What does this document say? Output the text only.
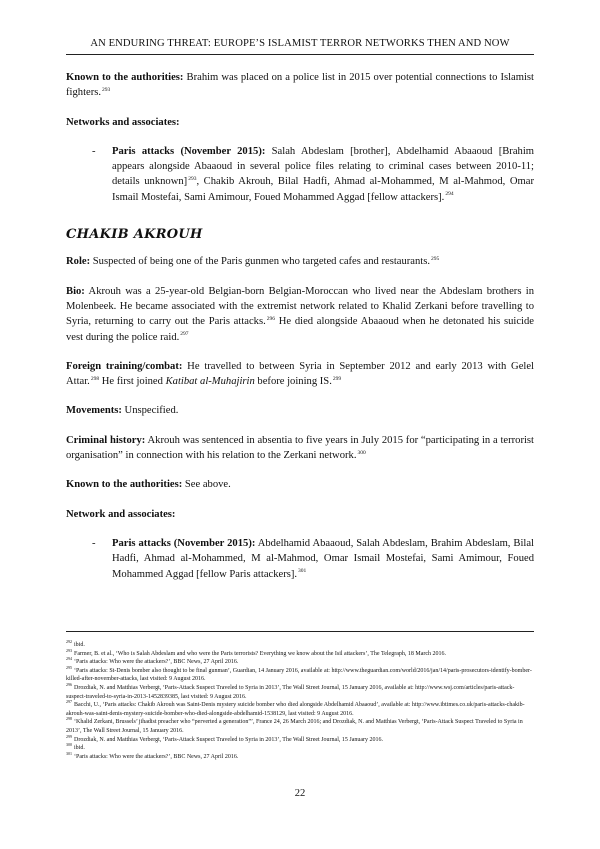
AN ENDURING THREAT: EUROPE’S ISLAMIST TERROR NETWORKS THEN AND NOW

Known to the authorities: Brahim was placed on a police list in 2015 over potential connections to Islamist fighters.$^{293}$

Networks and associates:

-	Paris attacks (November 2015): Salah Abdeslam [brother], Abdelhamid Abaaoud [Brahim appears alongside Abaaoud in several police files relating to criminal cases between 2010-11; details unknown]$^{293}$, Chakib Akrouh, Bilal Hadfi, Ahmad al-Mohammed, M al-Mahmod, Omar Ismail Mostefai, Sami Amimour, Foued Mohammed Aggad [fellow attackers].$^{294}$
CHAKIB AKROUH

Role: Suspected of being one of the Paris gunmen who targeted cafes and restaurants.$^{295}$

Bio: Akrouh was a 25-year-old Belgian-born Belgian-Moroccan who lived near the Abdeslam brothers in Molenbeek. He became associated with the extremist network related to Khalid Zerkani before travelling to Syria, returning to carry out the Paris attacks.$^{296}$ He died alongside Abaaoud when he detonated his suicide vest during the police raid.$^{297}$

Foreign training/combat: He travelled to between Syria in September 2012 and early 2013 with Gelel Attar.$^{298}$ He first joined Katibat al-Muhajirin before joining IS.$^{299}$

Movements: Unspecified.

Criminal history: Akrouh was sentenced in absentia to five years in July 2015 for “participating in a terrorist organisation” in connection with his relation to the Zerkani network.$^{300}$

Known to the authorities: See above.

Network and associates:

-	Paris attacks (November 2015): Abdelhamid Abaaoud, Salah Abdeslam, Brahim Abdeslam, Bilal Hadfi, Ahmad al-Mohammed, M al-Mahmod, Omar Ismail Mostefai, Sami Amimour, Foued Mohammed Aggad [fellow Paris attackers].$^{301}$

$^{292}$ibid.

$^{293}$Farmer, B. et al., ‘Who is Salah Abdeslam and who were the Paris terrorists? Everything we know about the Isil attackers’, The Telegraph, 18 March 2016.

$^{294}$‘Paris attacks: Who were the attackers?’, BBC News, 27 April 2016.

$^{295}$‘Paris attacks: St-Denis bomber also thought to be final gunman’, Guardian, 14 January 2016, available at: http://www.theguardian.com/world/2016/jan/14/paris-prosecutors-identify-bomber-killed-after-november-attacks, last visited: 9 August 2016.

$^{296}$Drozdiak, N. and Matthias Verbergt, ‘Paris-Attack Suspect Traveled to Syria in 2013’, The Wall Street Journal, 15 January 2016, available at: http://www.wsj.com/articles/paris-attack-suspect-traveled-to-syria-in-2013-1452839385, last visited: 9 August 2016.

$^{297}$Bacchi, U., ‘Paris attacks: Chakib Akrouh was Saint-Denis mystery suicide bomber who died alongside Abdelhamid Abaaoud’, available at: http://www.ibtimes.co.uk/paris-attacks-chakib-akrouh-was-saint-denis-mystery-suicide-bomber-who-died-alongside-abdelhamid-1538129, last visited: 9 August 2016.

$^{298}$‘Khalid Zerkani, Brussels’ jihadist preacher who “perverted a generation”’, France 24, 26 March 2016; and Drozdiak, N. and Matthias Verbergt, ‘Paris-Attack Suspect Traveled to Syria in 2013’, The Wall Street Journal, 15 January 2016.

$^{299}$Drozdiak, N. and Matthias Verbergt, ‘Paris-Attack Suspect Traveled to Syria in 2013’, The Wall Street Journal, 15 January 2016.

$^{300}$ibid.

$^{301}$‘Paris attacks: Who were the attackers?’, BBC News, 27 April 2016.

22
